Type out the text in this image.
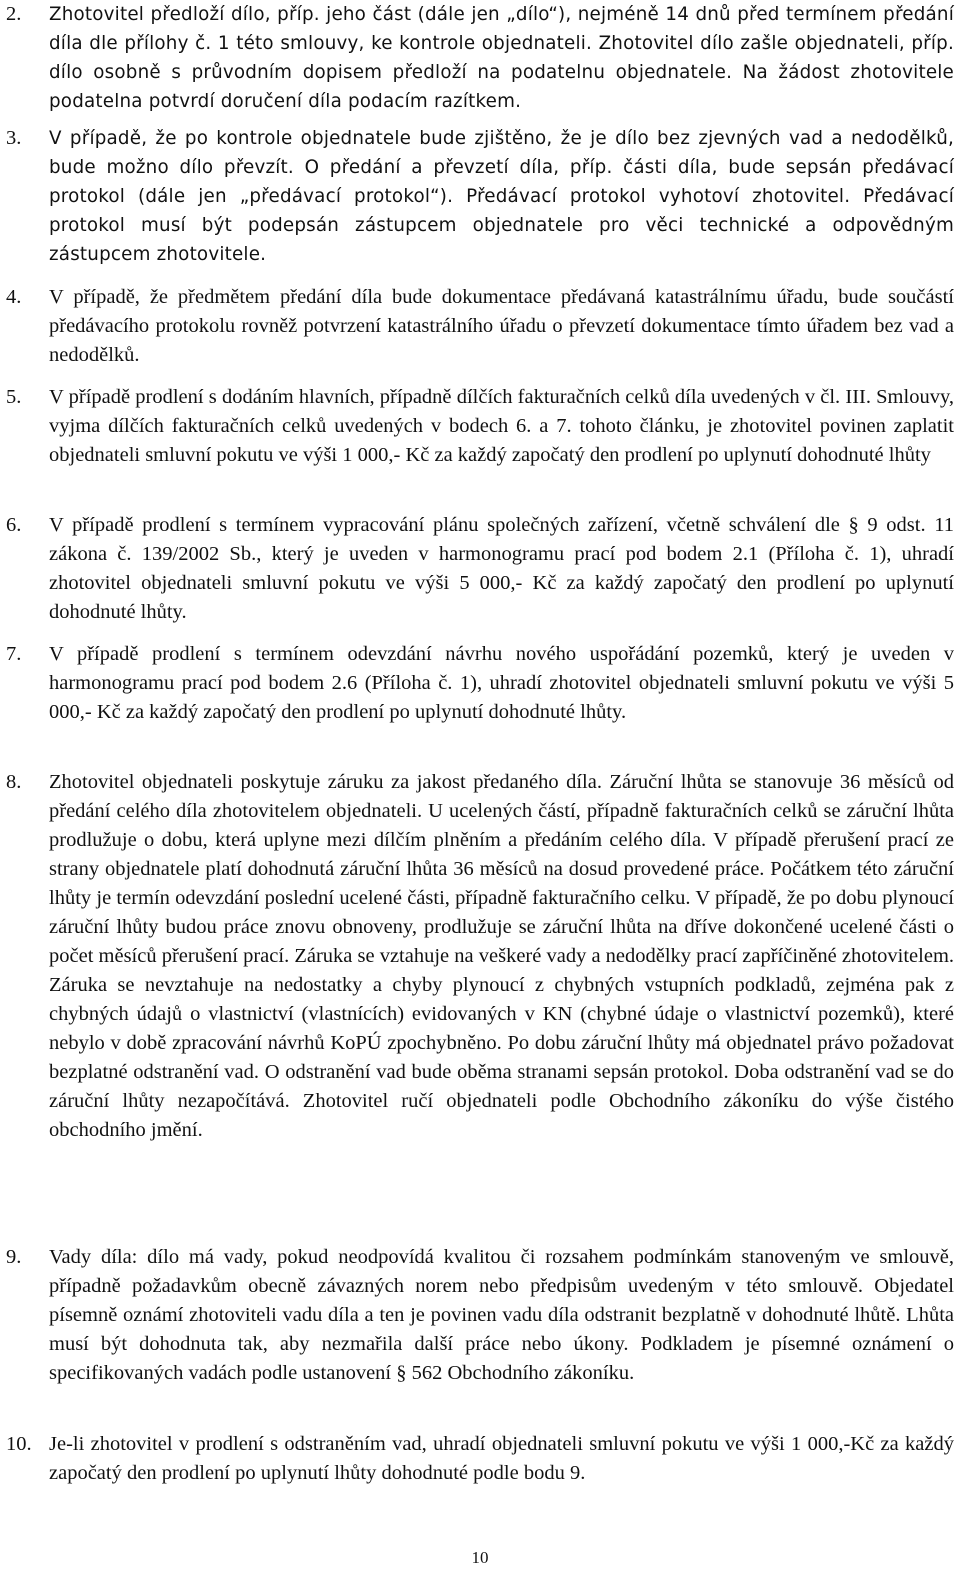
2.	Zhotovitel předloží dílo, příp. jeho část (dále jen „dílo“), nejméně 14 dnů před termínem předání díla dle přílohy č. 1 této smlouvy, ke kontrole objednateli. Zhotovitel dílo zašle objednateli, příp. dílo osobně s průvodním dopisem předloží na podatelnu objednatele. Na žádost zhotovitele podatelna potvrdí doručení díla podacím razítkem.
3.	V případě, že po kontrole objednatele bude zjištěno, že je dílo bez zjevných vad a nedodělků, bude možno dílo převzít. O předání a převzetí díla, příp. části díla, bude sepsán předávací protokol (dále jen „předávací protokol“). Předávací protokol vyhotoví zhotovitel. Předávací protokol musí být podepsán zástupcem objednatele pro věci technické a odpovědným zástupcem zhotovitele.
4.	V případě, že předmětem předání díla bude dokumentace předávaná katastrálnímu úřadu, bude součástí předávacího protokolu rovněž potvrzení katastrálního úřadu o převzetí dokumentace tímto úřadem bez vad a nedodělků.
5.	V případě prodlení s dodáním hlavních, případně dílčích fakturačních celků díla uvedených v čl. III. Smlouvy, vyjma dílčích fakturačních celků uvedených v bodech 6. a 7. tohoto článku, je zhotovitel povinen zaplatit objednateli smluvní pokutu ve výši 1 000,- Kč za každý započatý den prodlení po uplynutí dohodnuté lhůty
6.	V případě prodlení s termínem vypracování plánu společných zařízení, včetně schválení dle § 9 odst. 11 zákona č. 139/2002 Sb., který je uveden v harmonogramu prací pod bodem 2.1 (Příloha č. 1), uhradí zhotovitel objednateli smluvní pokutu ve výši 5 000,- Kč za každý započatý den prodlení po uplynutí dohodnuté lhůty.
7.	V případě prodlení s termínem odevzdání návrhu nového uspořádání pozemků, který je uveden v harmonogramu prací pod bodem 2.6 (Příloha č. 1), uhradí zhotovitel objednateli smluvní pokutu ve výši 5 000,- Kč za každý započatý den prodlení po uplynutí dohodnuté lhůty.
8.	Zhotovitel objednateli poskytuje záruku za jakost předaného díla. Záruční lhůta se stanovuje 36 měsíců od předání celého díla zhotovitelem objednateli. U ucelených částí, případně fakturačních celků se záruční lhůta prodlužuje o dobu, která uplyne mezi dílčím plněním a předáním celého díla. V případě přerušení prací ze strany objednatele platí dohodnutá záruční lhůta 36 měsíců na dosud provedené práce. Počátkem této záruční lhůty je termín odevzdání poslední ucelené části, případně fakturačního celku. V případě, že po dobu plynoucí záruční lhůty budou práce znovu obnoveny, prodlužuje se záruční lhůta na dříve dokončené ucelené části o počet měsíců přerušení prací. Záruka se vztahuje na veškeré vady a nedodělky prací zapříčiněné zhotovitelem. Záruka se nevztahuje na nedostatky a chyby plynoucí z chybných vstupních podkladů, zejména pak z chybných údajů o vlastnictví (vlastnících) evidovaných v KN (chybné údaje o vlastnictví pozemků), které nebylo v době zpracování návrhů KoPÚ zpochybněno. Po dobu záruční lhůty má objednatel právo požadovat bezplatné odstranění vad. O odstranění vad bude oběma stranami sepsán protokol. Doba odstranění vad se do záruční lhůty nezapočítává. Zhotovitel ručí objednateli podle Obchodního zákoníku do výše čistého obchodního jmění.
9.	Vady díla: dílo má vady, pokud neodpovídá kvalitou či rozsahem podmínkám stanoveným ve smlouvě, případně požadavkům obecně závazných norem nebo předpisům uvedeným v této smlouvě. Objedatel písemně oznámí zhotoviteli vadu díla a ten je povinen vadu díla odstranit bezplatně v dohodnuté lhůtě. Lhůta musí být dohodnuta tak, aby nezmařila další práce nebo úkony. Podkladem je písemné oznámení o specifikovaných vadách podle ustanovení § 562 Obchodního zákoníku.
10. Je-li zhotovitel v prodlení s odstraněním vad, uhradí objednateli smluvní pokutu ve výši 1 000,-Kč za každý započatý den prodlení po uplynutí lhůty dohodnuté podle bodu 9.
10
